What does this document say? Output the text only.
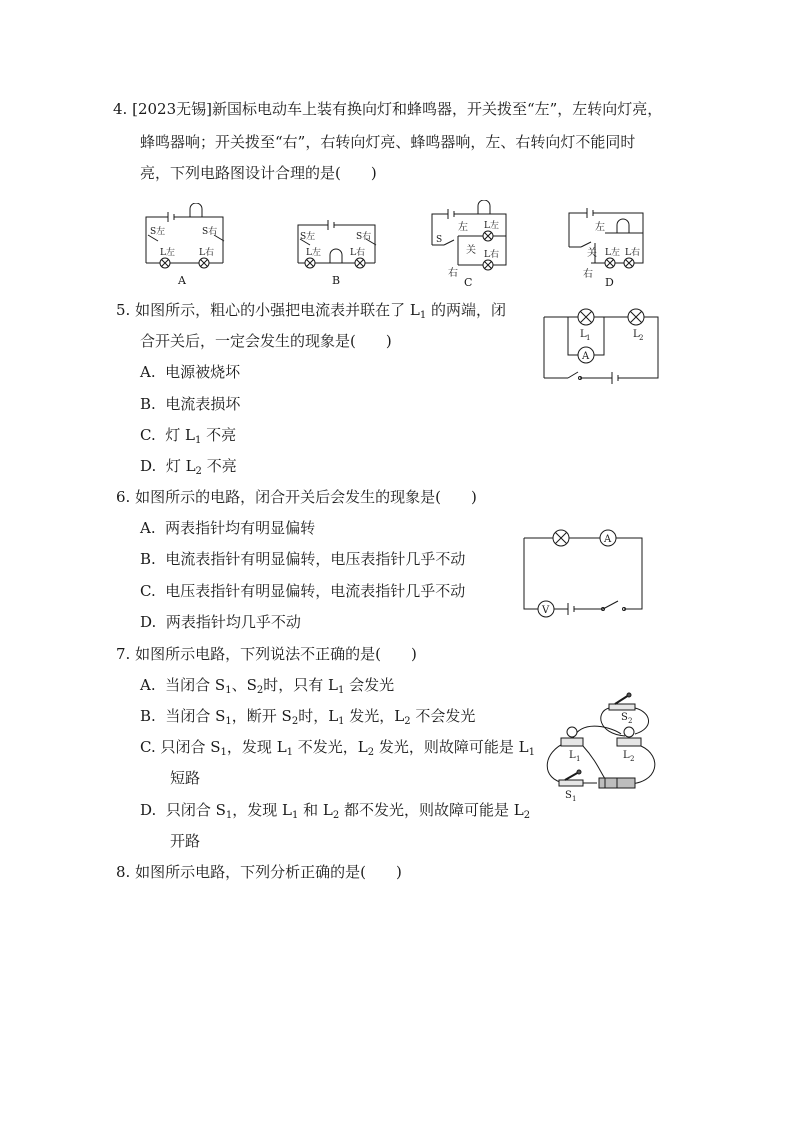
4. [2023无锡]新国标电动车上装有换向灯和蜂鸣器，开关拨至“左”，左转向灯亮，
蜂鸣器响；开关拨至“右”，右转向灯亮、蜂鸣器响，左、右转向灯不能同时
亮，下列电路图设计合理的是(　　)
S左	S右
L左	L右
A
S左	S右
L左	L右
B
左
S
关
右
L左
L右
C
左
关
右
L左 L右
D
5. 如图所示，粗心的小强把电流表并联在了 $L_1$ 的两端，闭
合开关后，一定会发生的现象是(　　)
A. 电源被烧坏
B. 电流表损坏
C. 灯 $L_1$ 不亮
D. 灯 $L_2$ 不亮
A
L 1	L 2
6. 如图所示的电路，闭合开关后会发生的现象是(　　)
A. 两表指针均有明显偏转
B. 电流表指针有明显偏转，电压表指针几乎不动
C. 电压表指针有明显偏转，电流表指针几乎不动
D. 两表指针均几乎不动
A
V
7. 如图所示电路，下列说法不正确的是(　　)
A. 当闭合 $S_1$、$S_2$时，只有 $L_1$ 会发光
B. 当闭合 $S_1$，断开 $S_2$时，$L_1$ 发光，$L_2$ 不会发光
C. 只闭合 $S_1$，发现 $L_1$ 不发光，$L_2$ 发光，则故障可能是 $L_1$
短路
D. 只闭合 $S_1$，发现 $L_1$ 和 $L_2$ 都不发光，则故障可能是 $L_2$
开路
S 2
L 1	L 2
S 1
8. 如图所示电路，下列分析正确的是(　　)
